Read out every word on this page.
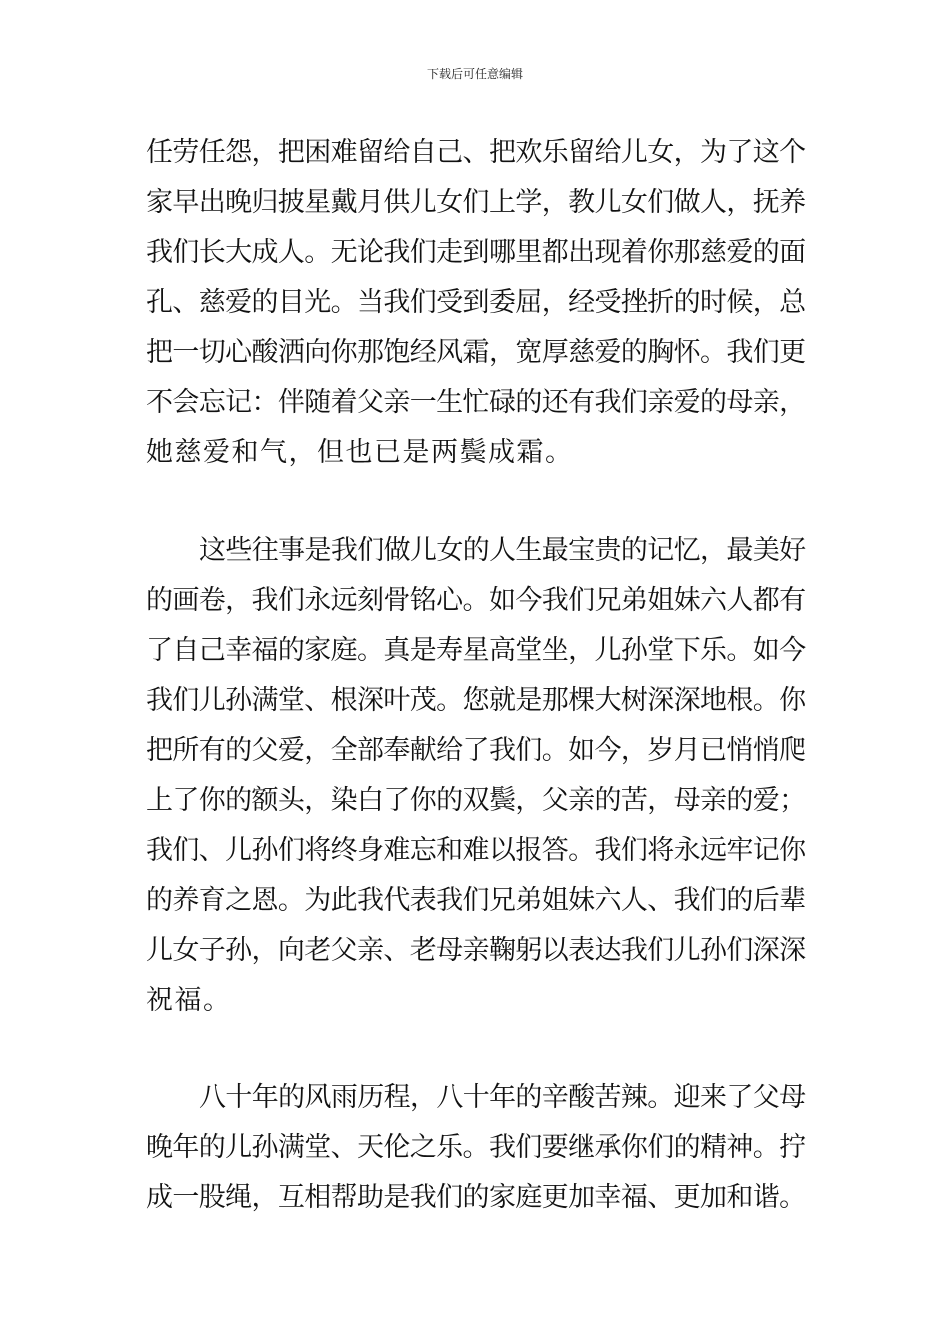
下载后可任意编辑
任劳任怨，把困难留给自己、把欢乐留给儿女，为了这个
家早出晚归披星戴月供儿女们上学，教儿女们做人，抚养
我们长大成人。无论我们走到哪里都出现着你那慈爱的面
孔、慈爱的目光。当我们受到委屈，经受挫折的时候，总
把一切心酸洒向你那饱经风霜，宽厚慈爱的胸怀。我们更
不会忘记：伴随着父亲一生忙碌的还有我们亲爱的母亲，
她慈爱和气，但也已是两鬓成霜。
这些往事是我们做儿女的人生最宝贵的记忆，最美好
的画卷，我们永远刻骨铭心。如今我们兄弟姐妹六人都有
了自己幸福的家庭。真是寿星高堂坐，儿孙堂下乐。如今
我们儿孙满堂、根深叶茂。您就是那棵大树深深地根。你
把所有的父爱，全部奉献给了我们。如今，岁月已悄悄爬
上了你的额头，染白了你的双鬓，父亲的苦，母亲的爱；
我们、儿孙们将终身难忘和难以报答。我们将永远牢记你
的养育之恩。为此我代表我们兄弟姐妹六人、我们的后辈
儿女子孙，向老父亲、老母亲鞠躬以表达我们儿孙们深深
祝福。
八十年的风雨历程，八十年的辛酸苦辣。迎来了父母
晚年的儿孙满堂、天伦之乐。我们要继承你们的精神。拧
成一股绳，互相帮助是我们的家庭更加幸福、更加和谐。
